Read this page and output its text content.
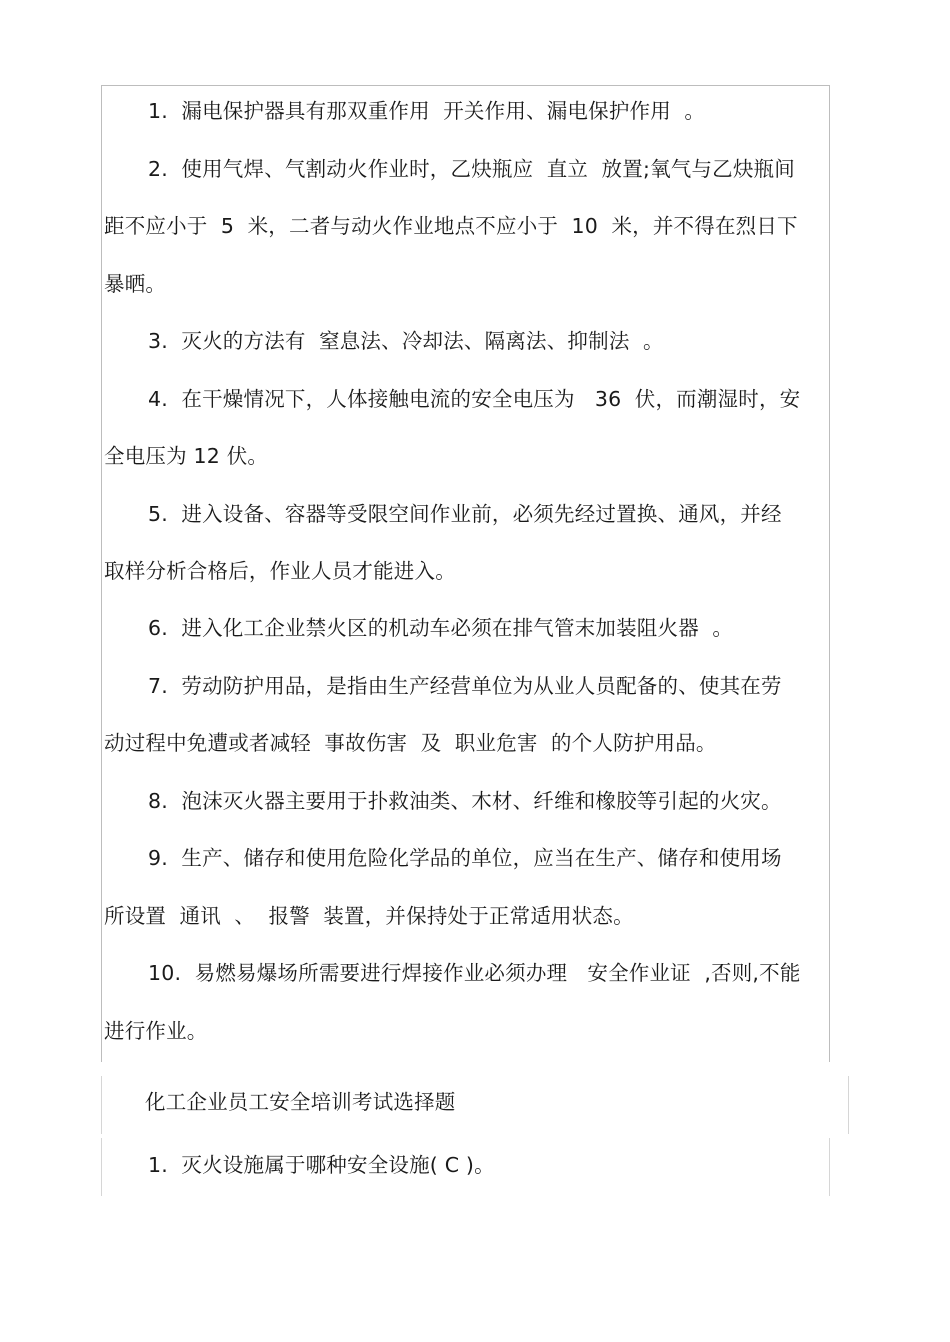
1.  漏电保护器具有那双重作用  开关作用、漏电保护作用  。
2.  使用气焊、气割动火作业时，乙炔瓶应  直立  放置;氧气与乙炔瓶间
距不应小于  5  米，二者与动火作业地点不应小于  10  米，并不得在烈日下
暴晒。
3.  灭火的方法有  窒息法、冷却法、隔离法、抑制法  。
4.  在干燥情况下，人体接触电流的安全电压为   36  伏，而潮湿时，安
全电压为 12 伏。
5.  进入设备、容器等受限空间作业前，必须先经过置换、通风，并经
取样分析合格后，作业人员才能进入。
6.  进入化工企业禁火区的机动车必须在排气管末加装阻火器  。
7.  劳动防护用品，是指由生产经营单位为从业人员配备的、使其在劳
动过程中免遭或者减轻  事故伤害  及  职业危害  的个人防护用品。
8.  泡沫灭火器主要用于扑救油类、木材、纤维和橡胶等引起的火灾。
9.  生产、储存和使用危险化学品的单位，应当在生产、储存和使用场
所设置  通讯  、  报警  装置，并保持处于正常适用状态。
10.  易燃易爆场所需要进行焊接作业必须办理   安全作业证  ,否则,不能
进行作业。
化工企业员工安全培训考试选择题
1.  灭火设施属于哪种安全设施( C )。
